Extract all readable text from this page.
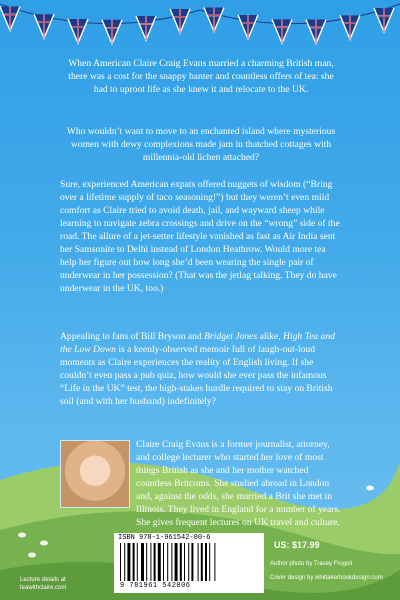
When American Claire Craig Evans married a charming British man, there was a cost for the snappy banter and countless offers of tea: she had to uproot life as she knew it and relocate to the UK.
Who wouldn’t want to move to an enchanted island where mysterious women with dewy complexions made jam in thatched cottages with millennia-old lichen attached?
Sure, experienced American expats offered nuggets of wisdom (“Bring over a lifetime supply of taco seasoning!”) but they weren’t even mild comfort as Claire tried to avoid death, jail, and wayward sheep while learning to navigate zebra crossings and drive on the “wrong” side of the road. The allure of a jet-setter lifestyle vanished as fast as Air India sent her Samsonite to Delhi instead of London Heathrow. Would more tea help her figure out how long she’d been wearing the single pair of underwear in her possession? (That was the jetlag talking. They do have underwear in the UK, too.)
Appealing to fans of Bill Bryson and Bridget Jones alike, High Tea and the Low Down is a keenly-observed memoir full of laugh-out-loud moments as Claire experiences the reality of English living. If she couldn’t even pass a pub quiz, how would she ever pass the infamous “Life in the UK” test, the high-stakes hurdle required to stay on British soil (and with her husband) indefinitely?
Claire Craig Evans is a former journalist, attorney, and college lecturer who started her love of most things British as she and her mother watched countless Britcoms. She studied abroad in London and, against the odds, she married a Brit she met in Illinois. They lived in England for a number of years. She gives frequent lectures on UK travel and culture.
ISBN 978-1-961542-00-6
9 781961 542006
US: $17.99
Lecture details at teawithclaire.com
Author photo by Tracey Frugoli
Cover design by whittakerbookdesign.com
